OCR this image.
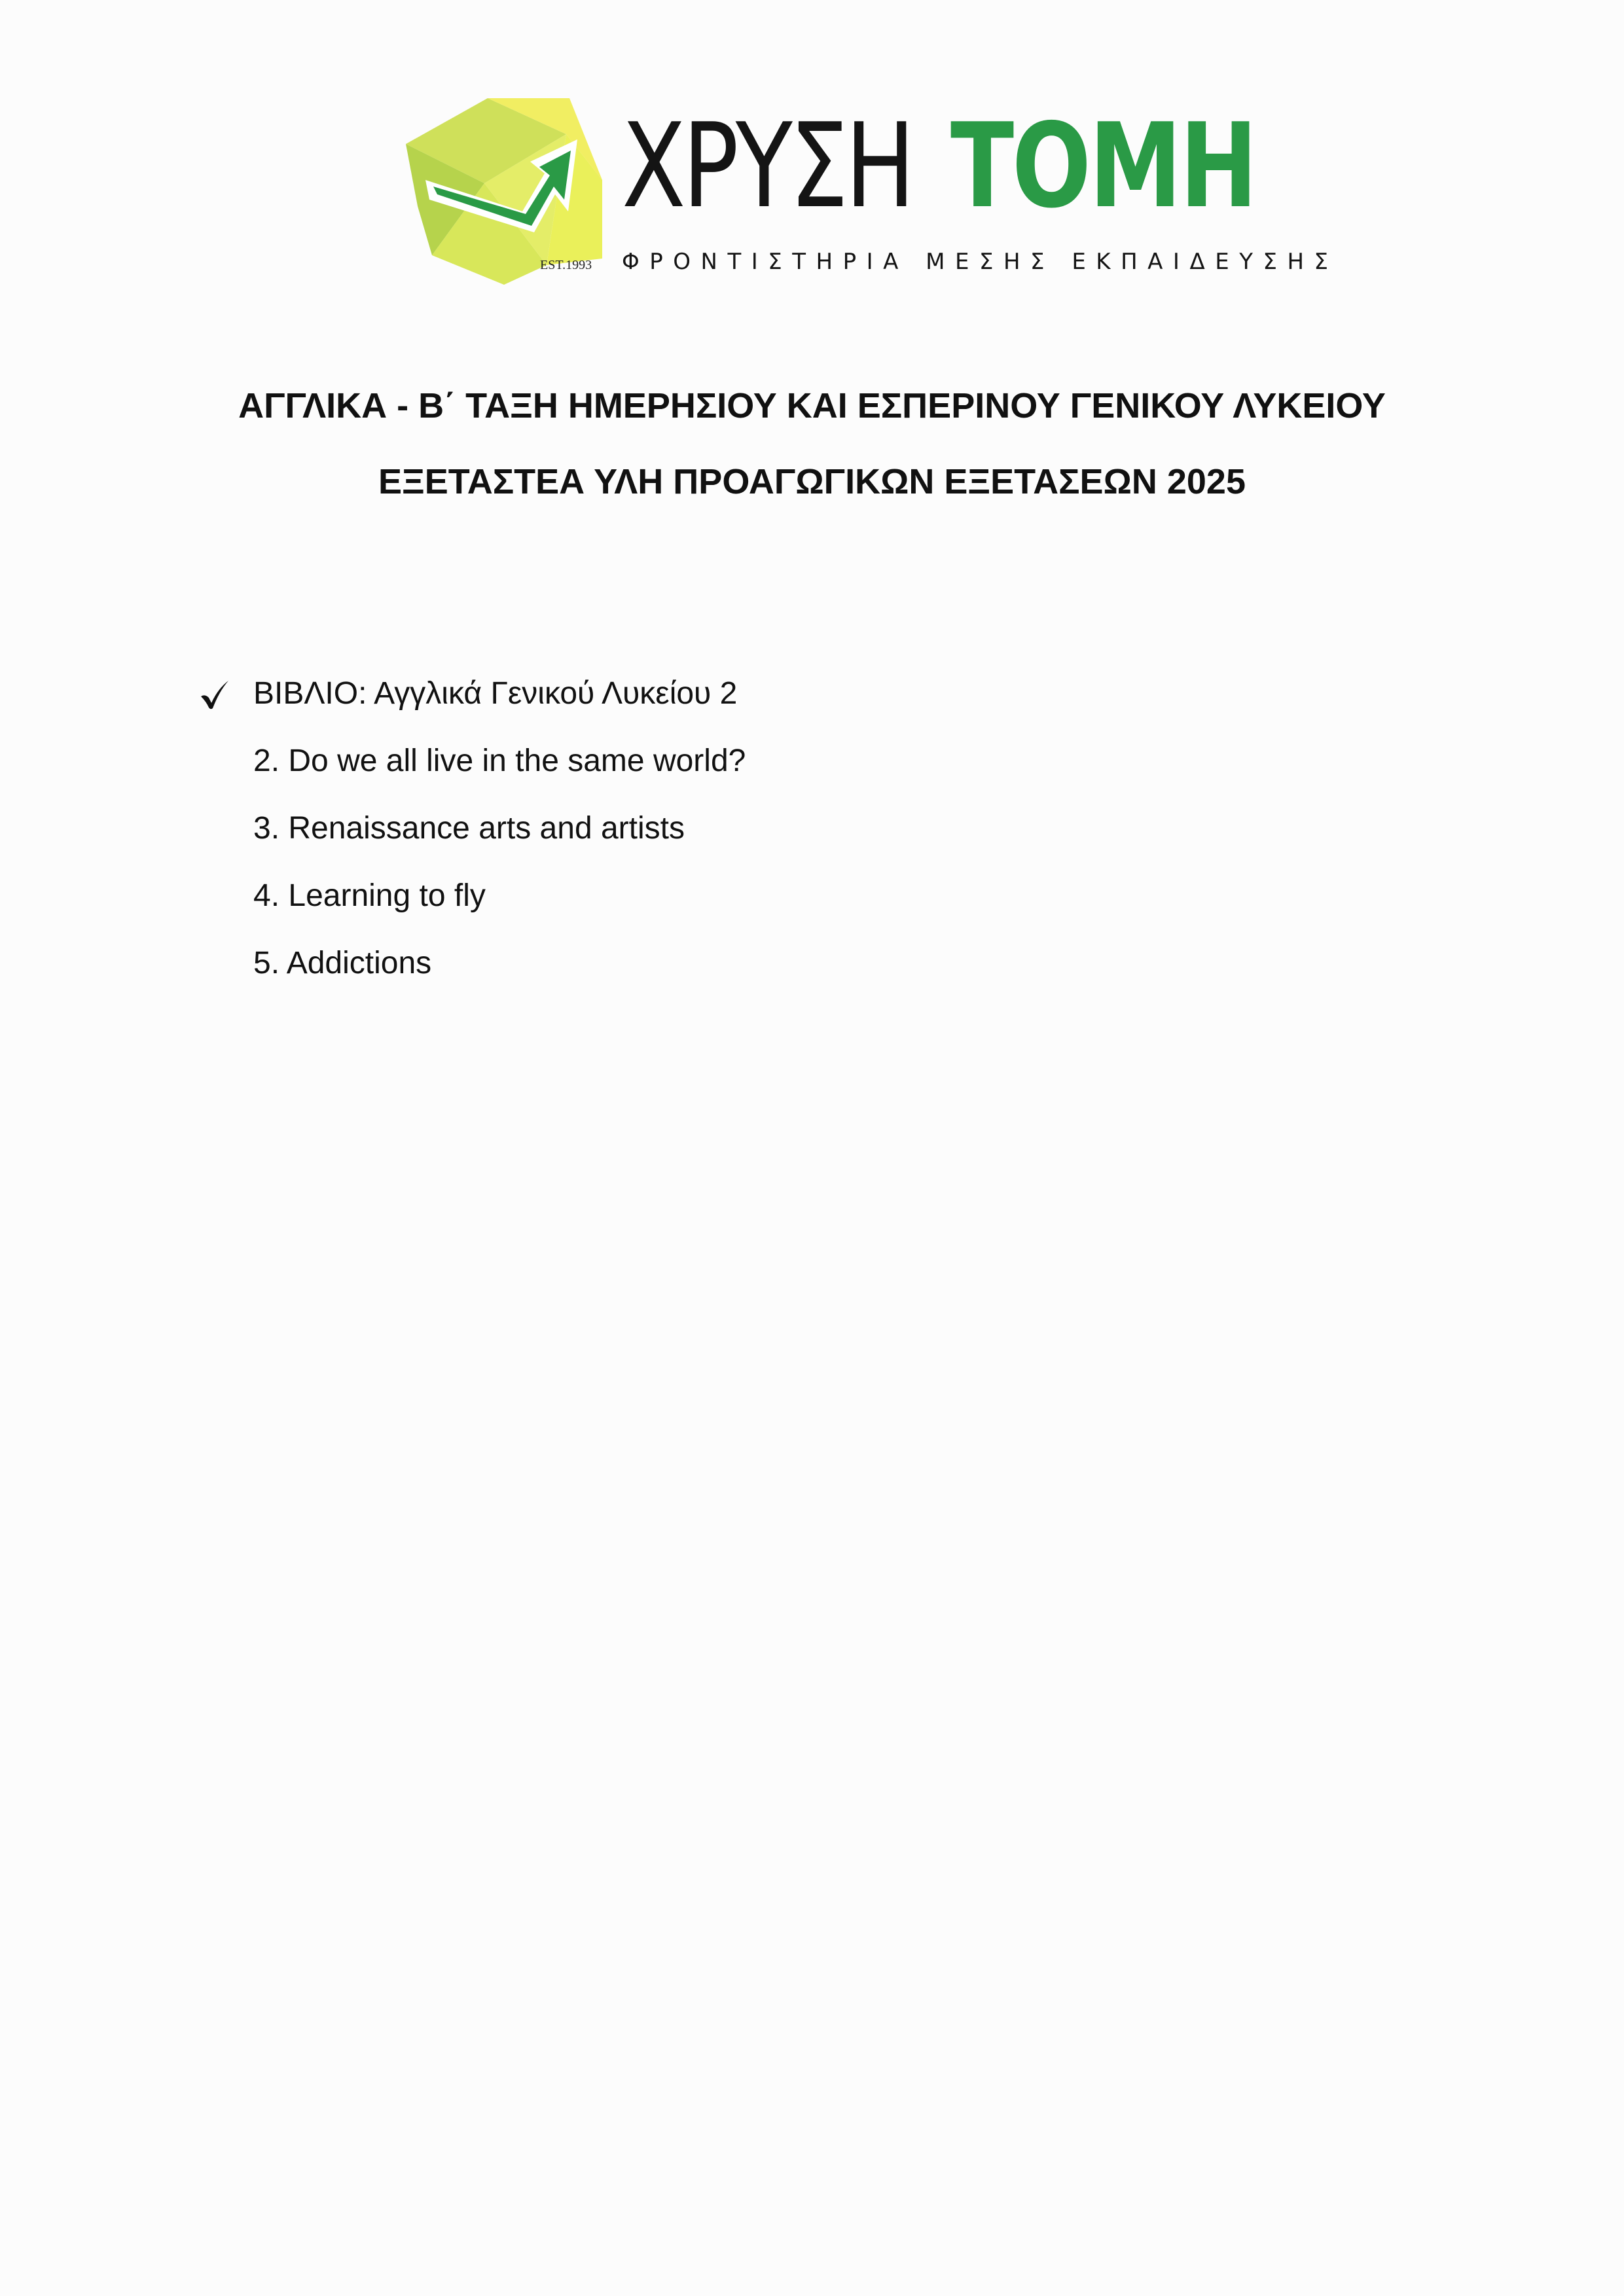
ΧΡΥΣΗ ΤΟΜΗ
EST.1993 ΦΡΟΝΤΙΣΤΗΡΙΑ ΜΕΣΗΣ ΕΚΠΑΙΔΕΥΣΗΣ
ΑΓΓΛΙΚΑ - Β΄ ΤΑΞΗ ΗΜΕΡΗΣΙΟΥ ΚΑΙ ΕΣΠΕΡΙΝΟΥ ΓΕΝΙΚΟΥ ΛΥΚΕΙΟΥ
ΕΞΕΤΑΣΤΕΑ ΥΛΗ ΠΡΟΑΓΩΓΙΚΩΝ ΕΞΕΤΑΣΕΩΝ 2025
ΒΙΒΛΙΟ: Αγγλικά Γενικού Λυκείου 2
2. Do we all live in the same world?
3. Renaissance arts and artists
4. Learning to fly
5. Addictions
